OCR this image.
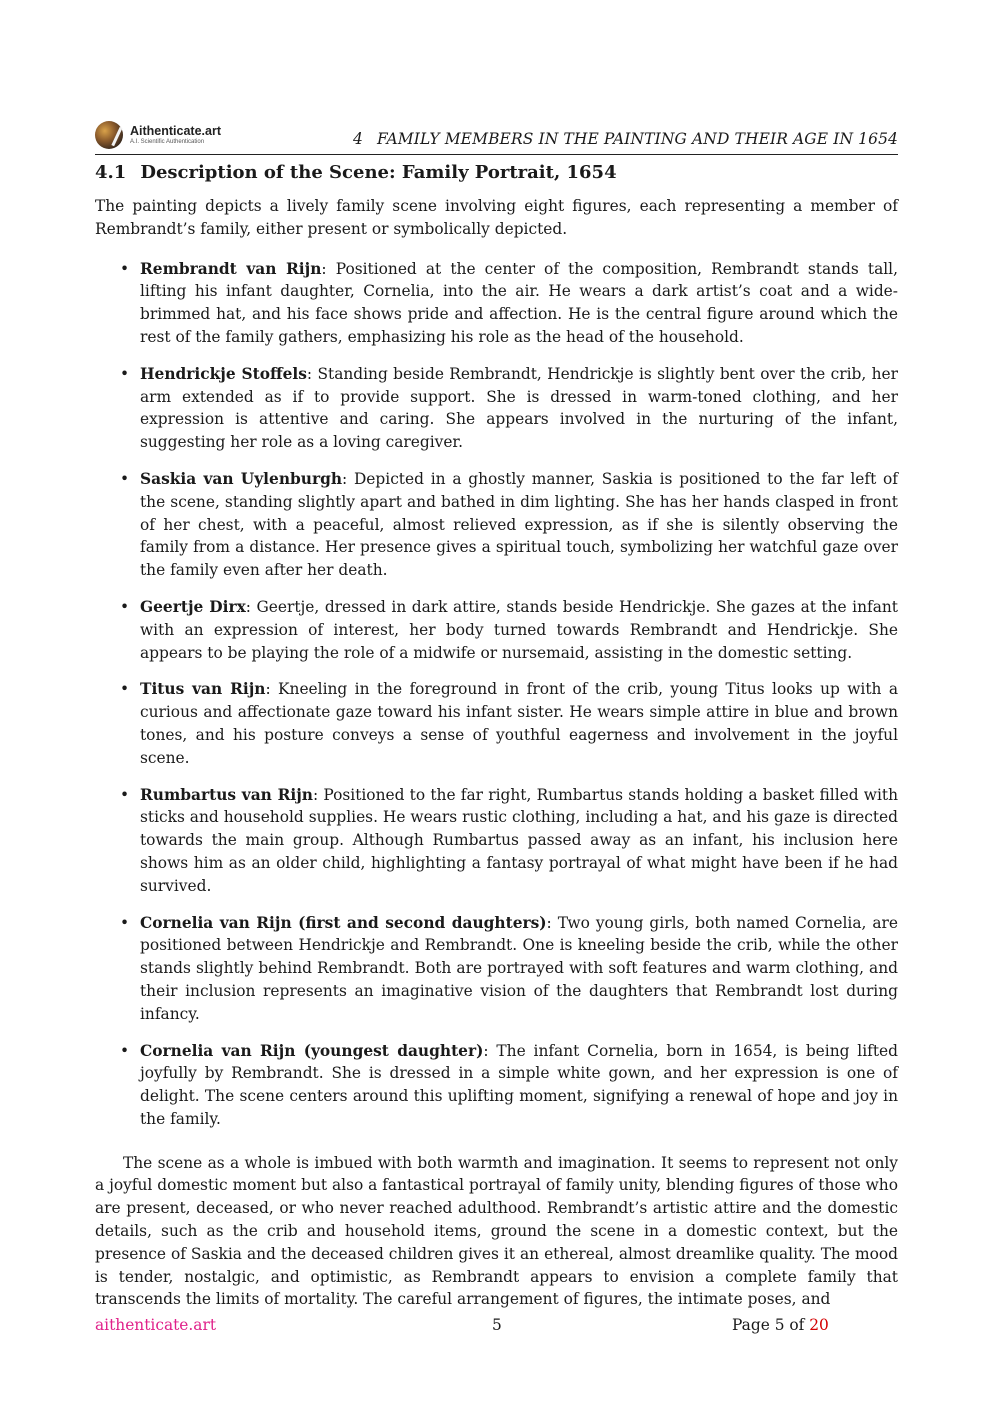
Aithenticate.art
A.I. Scientific Authentication	4 FAMILY MEMBERS IN THE PAINTING AND THEIR AGE IN 1654
4.1 Description of the Scene: Family Portrait, 1654

The painting depicts a lively family scene involving eight figures, each representing a member of Rembrandt’s family, either present or symbolically depicted.

• Rembrandt van Rijn: Positioned at the center of the composition, Rembrandt stands tall, lifting his infant daughter, Cornelia, into the air. He wears a dark artist’s coat and a wide-brimmed hat, and his face shows pride and affection. He is the central figure around which the rest of the family gathers, emphasizing his role as the head of the household.
• Hendrickje Stoffels: Standing beside Rembrandt, Hendrickje is slightly bent over the crib, her arm extended as if to provide support. She is dressed in warm-toned clothing, and her expression is attentive and caring. She appears involved in the nurturing of the infant, suggesting her role as a loving caregiver.
• Saskia van Uylenburgh: Depicted in a ghostly manner, Saskia is positioned to the far left of the scene, standing slightly apart and bathed in dim lighting. She has her hands clasped in front of her chest, with a peaceful, almost relieved expression, as if she is silently observing the family from a distance. Her presence gives a spiritual touch, symbolizing her watchful gaze over the family even after her death.
• Geertje Dirx: Geertje, dressed in dark attire, stands beside Hendrickje. She gazes at the infant with an expression of interest, her body turned towards Rembrandt and Hendrickje. She appears to be playing the role of a midwife or nursemaid, assisting in the domestic setting.
• Titus van Rijn: Kneeling in the foreground in front of the crib, young Titus looks up with a curious and affectionate gaze toward his infant sister. He wears simple attire in blue and brown tones, and his posture conveys a sense of youthful eagerness and involvement in the joyful scene.
• Rumbartus van Rijn: Positioned to the far right, Rumbartus stands holding a basket filled with sticks and household supplies. He wears rustic clothing, including a hat, and his gaze is directed towards the main group. Although Rumbartus passed away as an infant, his inclusion here shows him as an older child, highlighting a fantasy portrayal of what might have been if he had survived.
• Cornelia van Rijn (first and second daughters): Two young girls, both named Cornelia, are positioned between Hendrickje and Rembrandt. One is kneeling beside the crib, while the other stands slightly behind Rembrandt. Both are portrayed with soft features and warm clothing, and their inclusion represents an imaginative vision of the daughters that Rembrandt lost during infancy.
• Cornelia van Rijn (youngest daughter): The infant Cornelia, born in 1654, is being lifted joyfully by Rembrandt. She is dressed in a simple white gown, and her expression is one of delight. The scene centers around this uplifting moment, signifying a renewal of hope and joy in the family.

The scene as a whole is imbued with both warmth and imagination. It seems to represent not only a joyful domestic moment but also a fantastical portrayal of family unity, blending figures of those who are present, deceased, or who never reached adulthood. Rembrandt’s artistic attire and the domestic details, such as the crib and household items, ground the scene in a domestic context, but the presence of Saskia and the deceased children gives it an ethereal, almost dreamlike quality. The mood is tender, nostalgic, and optimistic, as Rembrandt appears to envision a complete family that transcends the limits of mortality. The careful arrangement of figures, the intimate poses, and

aithenticate.art	5	Page 5 of 20
